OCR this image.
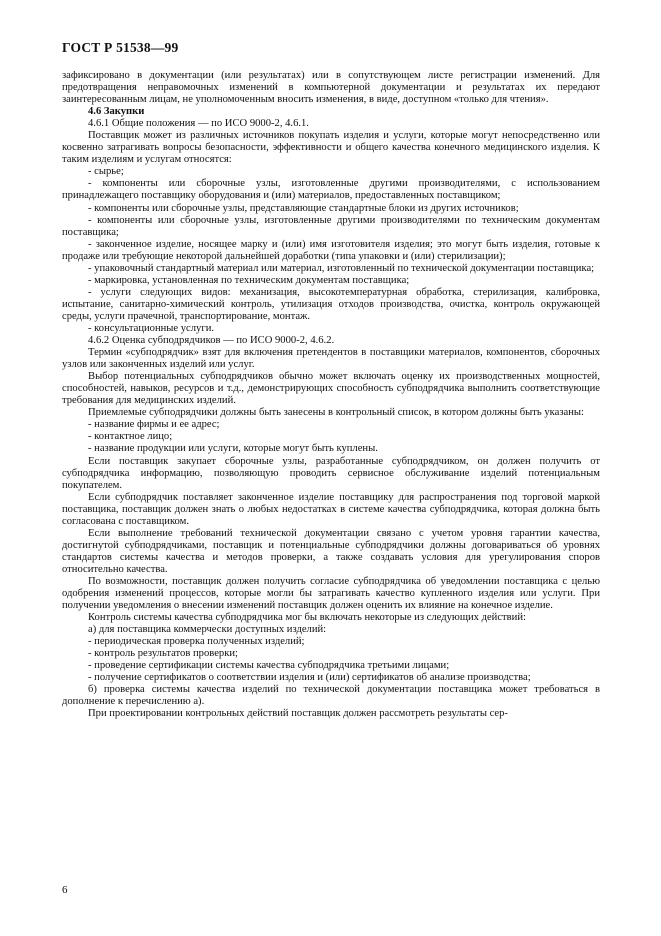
ГОСТ Р 51538—99

зафиксировано в документации (или результатах) или в сопутствующем листе регистрации изменений. Для предотвращения неправомочных изменений в компьютерной документации и результатах их передают заинтересованным лицам, не уполномоченным вносить изменения, в виде, доступном «только для чтения».

4.6 Закупки

4.6.1 Общие положения — по ИСО 9000-2, 4.6.1.

Поставщик может из различных источников покупать изделия и услуги, которые могут непосредственно или косвенно затрагивать вопросы безопасности, эффективности и общего качества конечного медицинского изделия. К таким изделиям и услугам относятся:

- сырье;

- компоненты или сборочные узлы, изготовленные другими производителями, с использованием принадлежащего поставщику оборудования и (или) материалов, предоставленных поставщиком;

- компоненты или сборочные узлы, представляющие стандартные блоки из других источников;

- компоненты или сборочные узлы, изготовленные другими производителями по техническим документам поставщика;

- законченное изделие, носящее марку и (или) имя изготовителя изделия; это могут быть изделия, готовые к продаже или требующие некоторой дальнейшей доработки (типа упаковки и (или) стерилизации);

- упаковочный стандартный материал или материал, изготовленный по технической документации поставщика;

- маркировка, установленная по техническим документам поставщика;

- услуги следующих видов: механизация, высокотемпературная обработка, стерилизация, калибровка, испытание, санитарно-химический контроль, утилизация отходов производства, очистка, контроль окружающей среды, услуги прачечной, транспортирование, монтаж.

- консультационные услуги.

4.6.2 Оценка субподрядчиков — по ИСО 9000-2, 4.6.2.

Термин «субподрядчик» взят для включения претендентов в поставщики материалов, компонентов, сборочных узлов или законченных изделий или услуг.

Выбор потенциальных субподрядчиков обычно может включать оценку их производственных мощностей, способностей, навыков, ресурсов и т.д., демонстрирующих способность субподрядчика выполнить соответствующие требования для медицинских изделий.

Приемлемые субподрядчики должны быть занесены в контрольный список, в котором должны быть указаны:

- название фирмы и ее адрес;

- контактное лицо;

- название продукции или услуги, которые могут быть куплены.

Если поставщик закупает сборочные узлы, разработанные субподрядчиком, он должен получить от субподрядчика информацию, позволяющую проводить сервисное обслуживание изделий потенциальным покупателем.

Если субподрядчик поставляет законченное изделие поставщику для распространения под торговой маркой поставщика, поставщик должен знать о любых недостатках в системе качества субподрядчика, которая должна быть согласована с поставщиком.

Если выполнение требований технической документации связано с учетом уровня гарантии качества, достигнутой субподрядчиками, поставщик и потенциальные субподрядчики должны договариваться об уровнях стандартов системы качества и методов проверки, а также создавать условия для урегулирования споров относительно качества.

По возможности, поставщик должен получить согласие субподрядчика об уведомлении поставщика с целью одобрения изменений процессов, которые могли бы затрагивать качество купленного изделия или услуги. При получении уведомления о внесении изменений поставщик должен оценить их влияние на конечное изделие.

Контроль системы качества субподрядчика мог бы включать некоторые из следующих действий:

а) для поставщика коммерчески доступных изделий:

- периодическая проверка полученных изделий;

- контроль результатов проверки;

- проведение сертификации системы качества субподрядчика третьими лицами;

- получение сертификатов о соответствии изделия и (или) сертификатов об анализе производства;

б) проверка системы качества изделий по технической документации поставщика может требоваться в дополнение к перечислению а).

При проектировании контрольных действий поставщик должен рассмотреть результаты сер-

6
